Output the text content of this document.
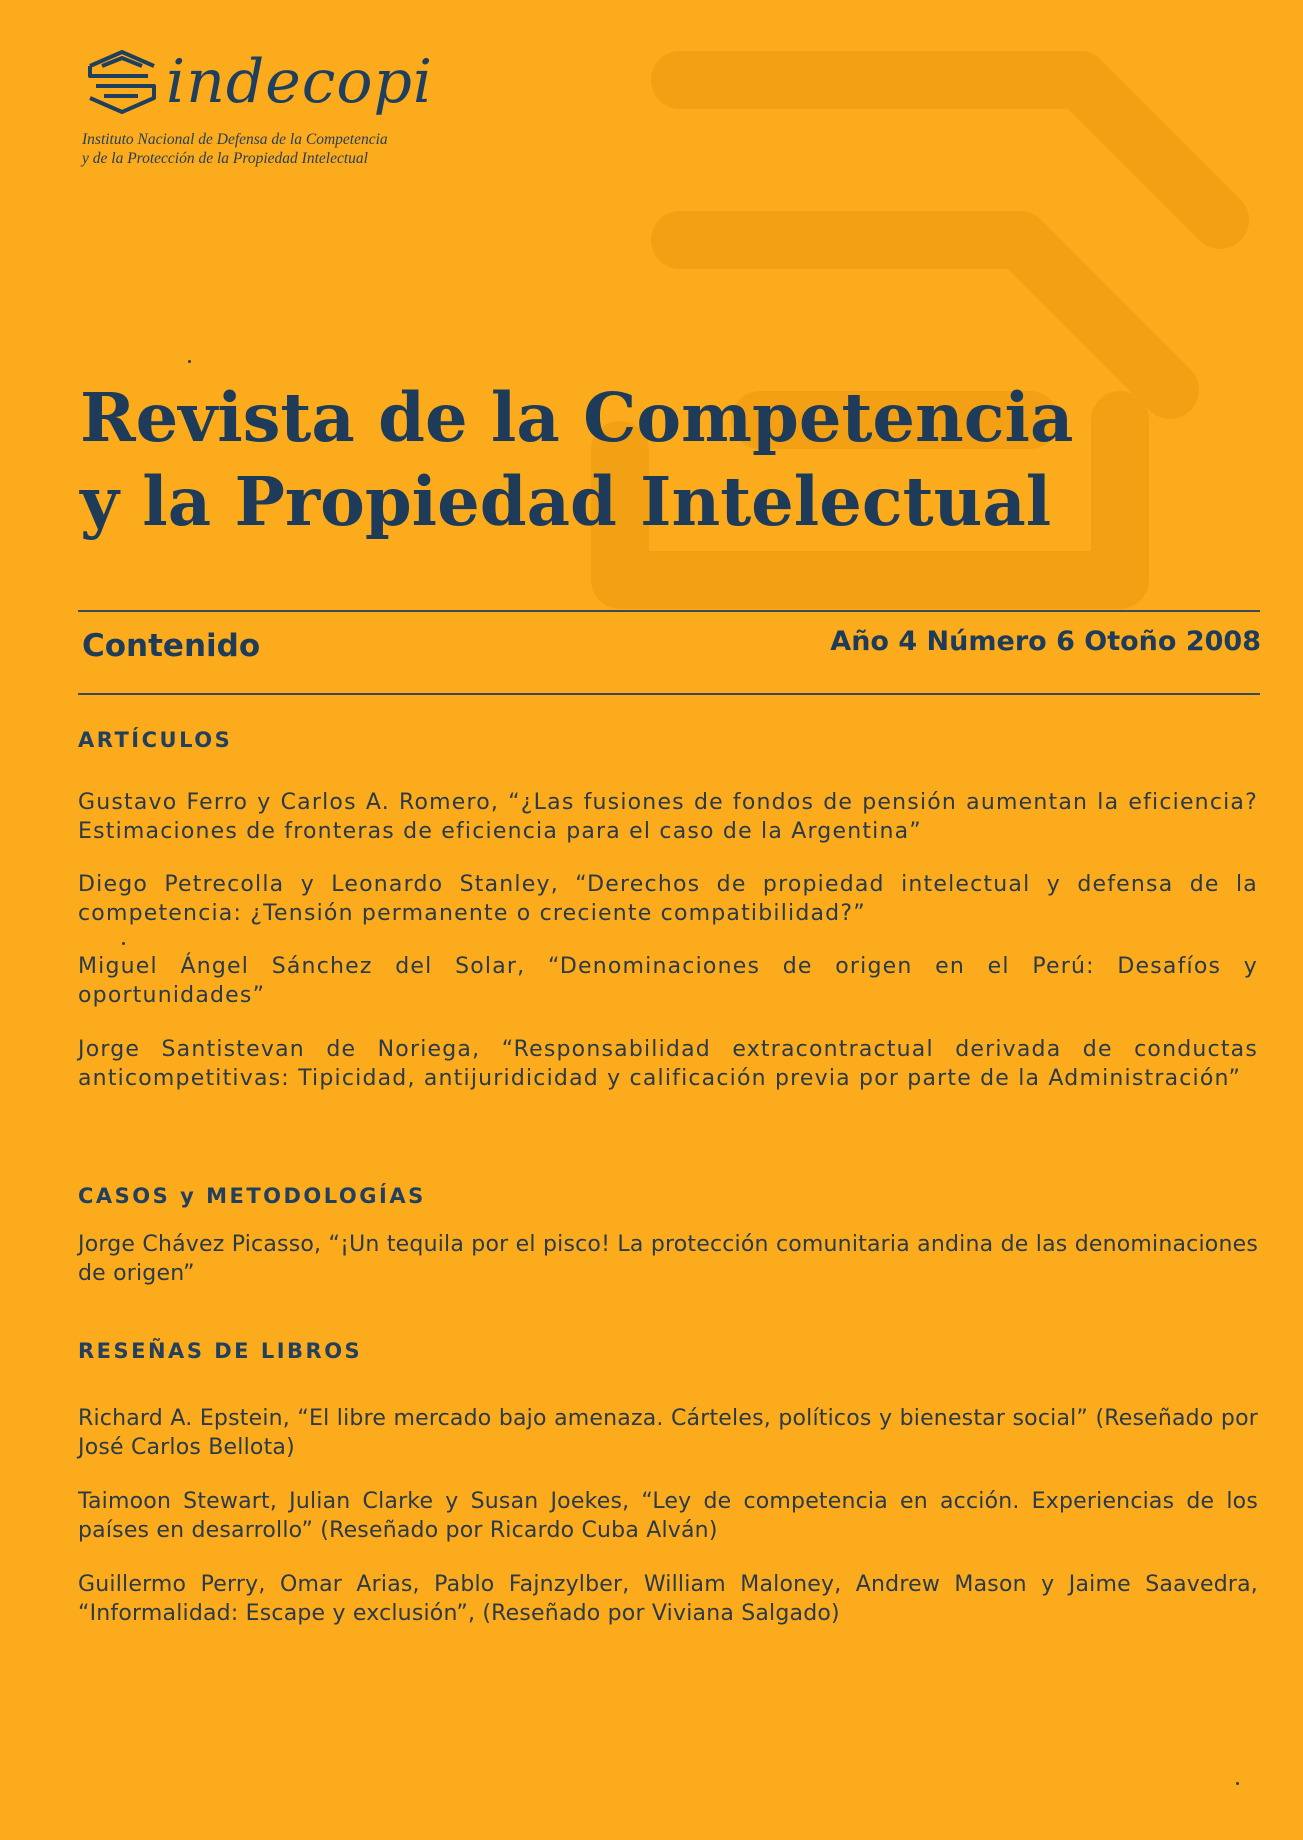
indecopi
Instituto Nacional de Defensa de la Competencia
y de la Protección de la Propiedad Intelectual
Revista de la Competencia
y la Propiedad Intelectual
Contenido	Año 4 Número 6 Otoño 2008
ARTÍCULOS
Gustavo Ferro y Carlos A. Romero, “¿Las fusiones de fondos de pensión aumentan la eficiencia? Estimaciones de fronteras de eficiencia para el caso de la Argentina”
Diego Petrecolla y Leonardo Stanley, “Derechos de propiedad intelectual y defensa de la competencia: ¿Tensión permanente o creciente compatibilidad?”
Miguel Ángel Sánchez del Solar, “Denominaciones de origen en el Perú: Desafíos y oportunidades”
Jorge Santistevan de Noriega, “Responsabilidad extracontractual derivada de conductas anticompetitivas: Tipicidad, antijuridicidad y calificación previa por parte de la Administración”
CASOS y METODOLOGÍAS
Jorge Chávez Picasso, “¡Un tequila por el pisco! La protección comunitaria andina de las denominaciones de origen”
RESEÑAS DE LIBROS
Richard A. Epstein, “El libre mercado bajo amenaza. Cárteles, políticos y bienestar social” (Reseñado por José Carlos Bellota)
Taimoon Stewart, Julian Clarke y Susan Joekes, “Ley de competencia en acción. Experiencias de los países en desarrollo” (Reseñado por Ricardo Cuba Alván)
Guillermo Perry, Omar Arias, Pablo Fajnzylber, William Maloney, Andrew Mason y Jaime Saavedra, “Informalidad: Escape y exclusión”, (Reseñado por Viviana Salgado)
